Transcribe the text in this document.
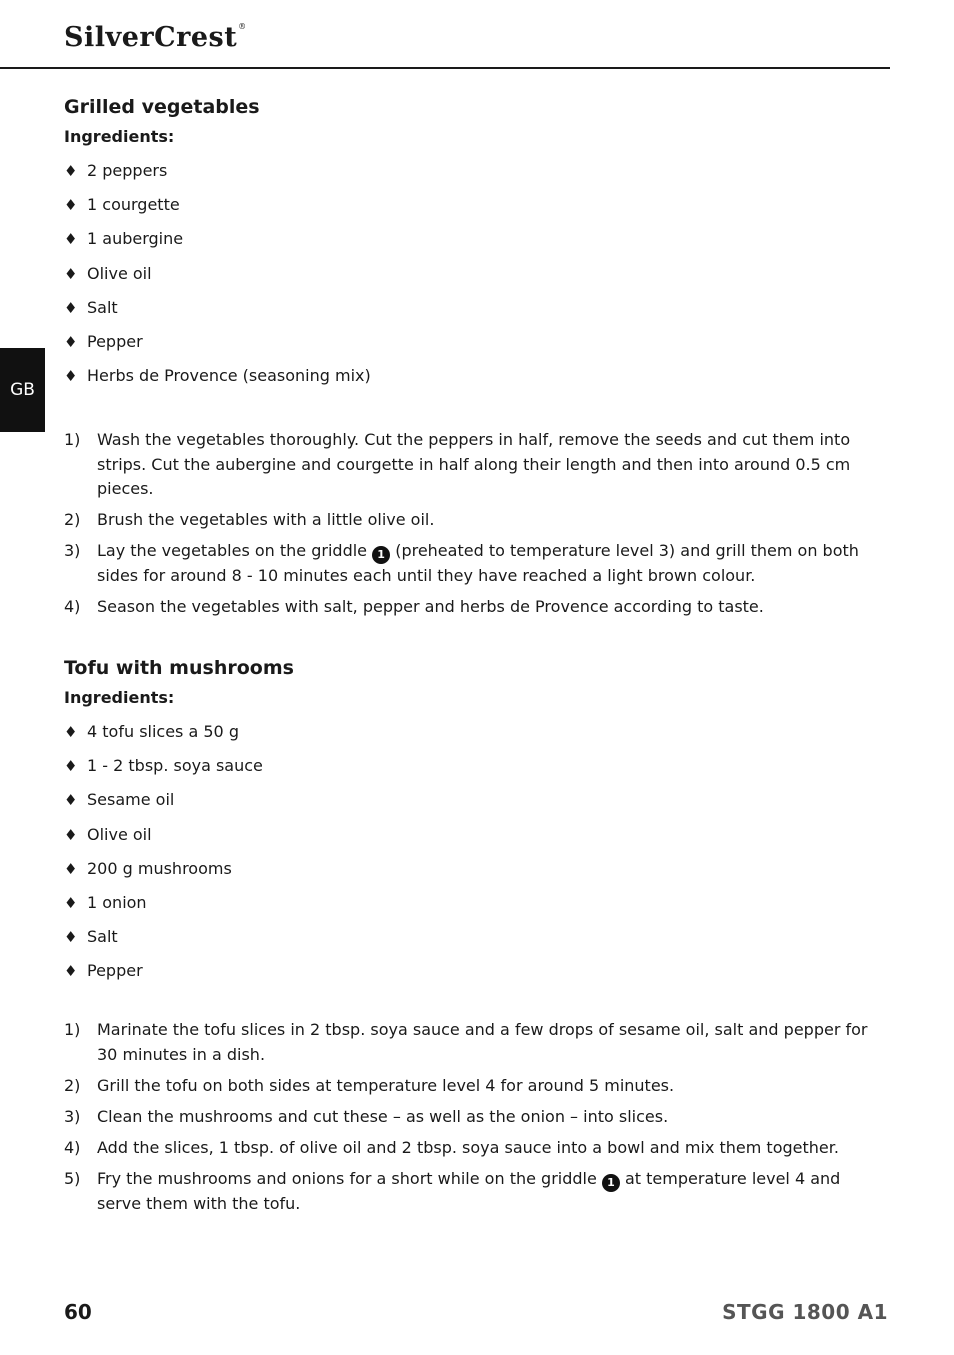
SilverCrest®
GB
Grilled vegetables
Ingredients:
♦ 2 peppers
♦ 1 courgette
♦ 1 aubergine
♦ Olive oil
♦ Salt
♦ Pepper
♦ Herbs de Provence (seasoning mix)
1)	Wash the vegetables thoroughly. Cut the peppers in half, remove the seeds and cut them into strips. Cut the aubergine and courgette in half along their length and then into around 0.5 cm pieces.
2)	Brush the vegetables with a little olive oil.
3)	Lay the vegetables on the griddle 1 (preheated to temperature level 3) and grill them on both sides for around 8 - 10 minutes each until they have reached a light brown colour.
4)	Season the vegetables with salt, pepper and herbs de Provence according to taste.
Tofu with mushrooms
Ingredients:
♦ 4 tofu slices a 50 g
♦ 1 - 2 tbsp. soya sauce
♦ Sesame oil
♦ Olive oil
♦ 200 g mushrooms
♦ 1 onion
♦ Salt
♦ Pepper
1)	Marinate the tofu slices in 2 tbsp. soya sauce and a few drops of sesame oil, salt and pepper for 30 minutes in a dish.
2)	Grill the tofu on both sides at temperature level 4 for around 5 minutes.
3)	Clean the mushrooms and cut these – as well as the onion – into slices.
4)	Add the slices, 1 tbsp. of olive oil and 2 tbsp. soya sauce into a bowl and mix them together.
5)	Fry the mushrooms and onions for a short while on the griddle 1 at temperature level 4 and serve them with the tofu.
60	STGG 1800 A1
